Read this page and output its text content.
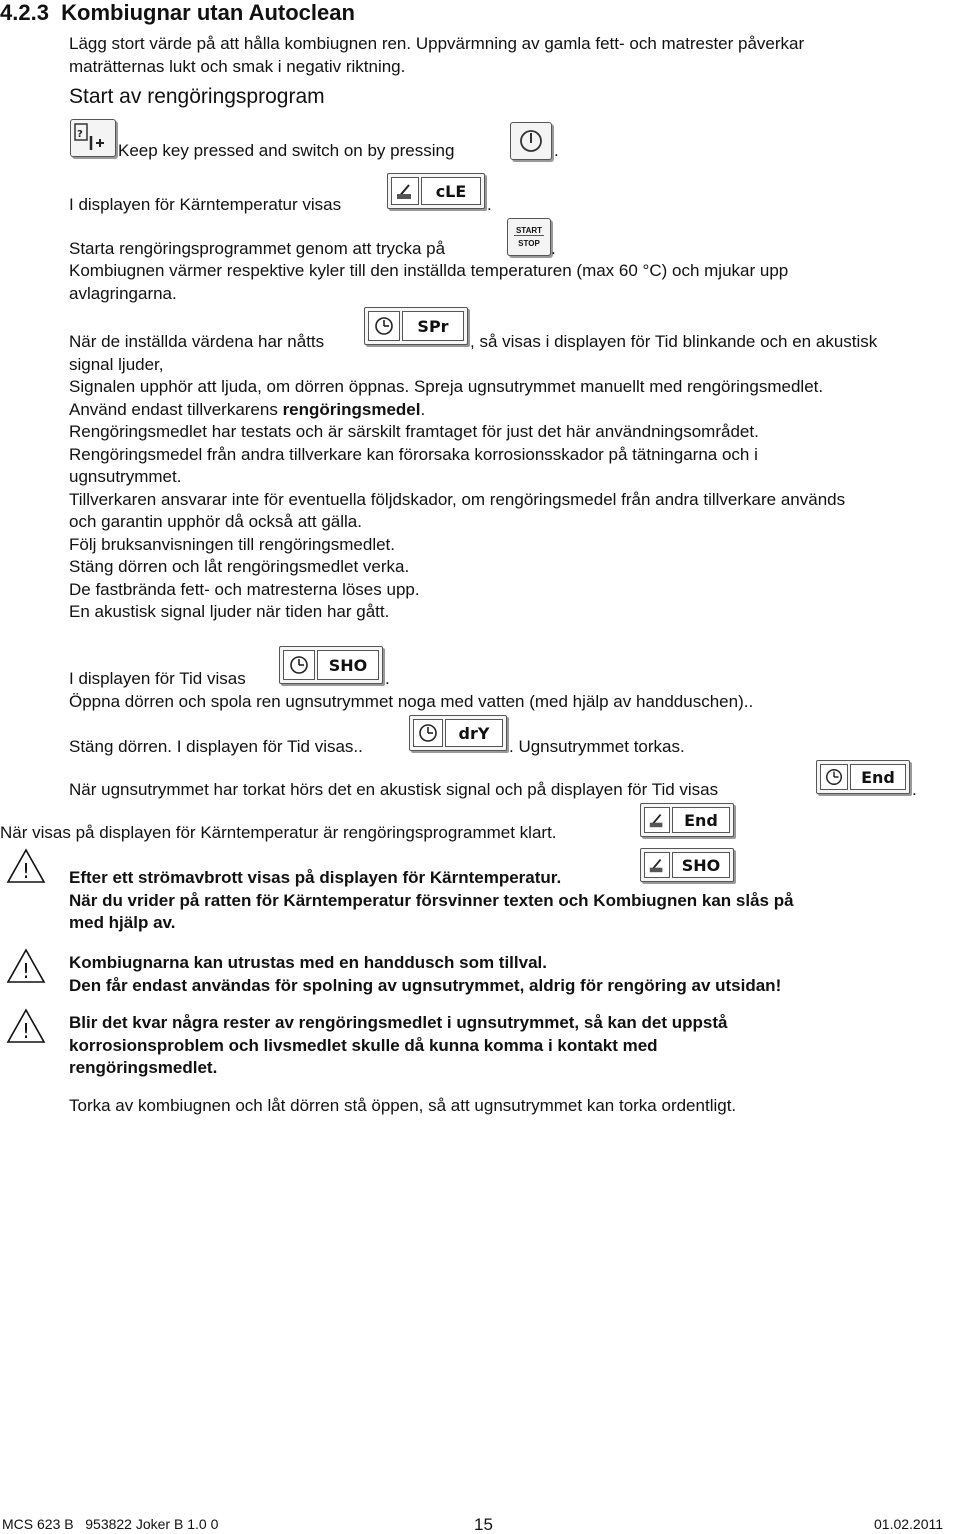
4.2.3 Kombiugnar utan Autoclean
Lägg stort värde på att hålla kombiugnen ren. Uppvärmning av gamla fett- och matrester påverkar
maträtternas lukt och smak i negativ riktning.
Start av rengöringsprogram
?
Keep key pressed and switch on by pressing	.
I displayen för Kärntemperatur visas
cLE
.
Starta rengöringsprogrammet genom att trycka på
START
STOP .
Kombiugnen värmer respektive kyler till den inställda temperaturen (max 60 °C) och mjukar upp
avlagringarna.
När de inställda värdena har nåtts
SPr
, så visas i displayen för Tid blinkande och en akustisk
signal ljuder,
Signalen upphör att ljuda, om dörren öppnas. Spreja ugnsutrymmet manuellt med rengöringsmedlet.
Använd endast tillverkarens rengöringsmedel.
Rengöringsmedlet har testats och är särskilt framtaget för just det här användningsområdet.
Rengöringsmedel från andra tillverkare kan förorsaka korrosionsskador på tätningarna och i
ugnsutrymmet.
Tillverkaren ansvarar inte för eventuella följdskador, om rengöringsmedel från andra tillverkare används
och garantin upphör då också att gälla.
Följ bruksanvisningen till rengöringsmedlet.
Stäng dörren och låt rengöringsmedlet verka.
De fastbrända fett- och matresterna löses upp.
En akustisk signal ljuder när tiden har gått.
I displayen för Tid visas
SHO
.
Öppna dörren och spola ren ugnsutrymmet noga med vatten (med hjälp av handduschen)..
Stäng dörren. I displayen för Tid visas..
drY
. Ugnsutrymmet torkas.
När ugnsutrymmet har torkat hörs det en akustisk signal och på displayen för Tid visas
End
.
När visas på displayen för Kärntemperatur är rengöringsprogrammet klart.
End
SHO
! Efter ett strömavbrott visas på displayen för Kärntemperatur.
När du vrider på ratten för Kärntemperatur försvinner texten och Kombiugnen kan slås på
med hjälp av.
! Kombiugnarna kan utrustas med en handdusch som tillval.
Den får endast användas för spolning av ugnsutrymmet, aldrig för rengöring av utsidan!
! Blir det kvar några rester av rengöringsmedlet i ugnsutrymmet, så kan det uppstå
korrosionsproblem och livsmedlet skulle då kunna komma i kontakt med
rengöringsmedlet.
Torka av kombiugnen och låt dörren stå öppen, så att ugnsutrymmet kan torka ordentligt.
MCS 623 B   953822 Joker B 1.0 0	15	01.02.2011
